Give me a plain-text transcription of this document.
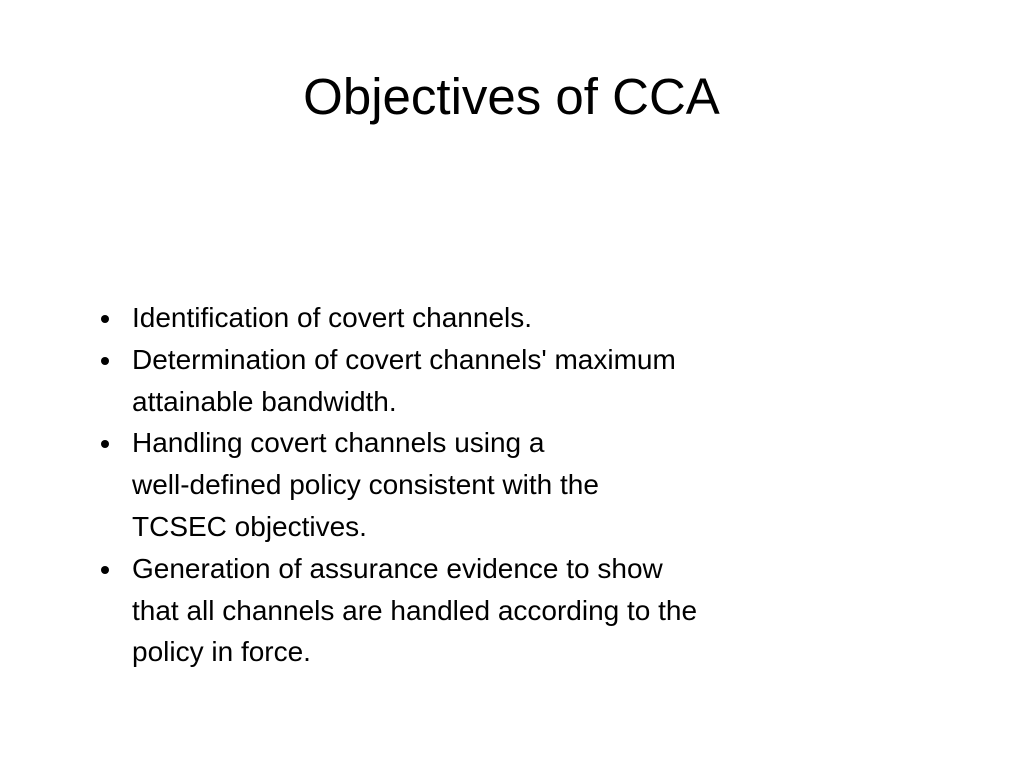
Objectives of CCA
Identification of covert channels.
Determination of covert channels' maximum
attainable bandwidth.
Handling covert channels using a
well-defined policy consistent with the
TCSEC objectives.
Generation of assurance evidence to show
that all channels are handled according to the
policy in force.
